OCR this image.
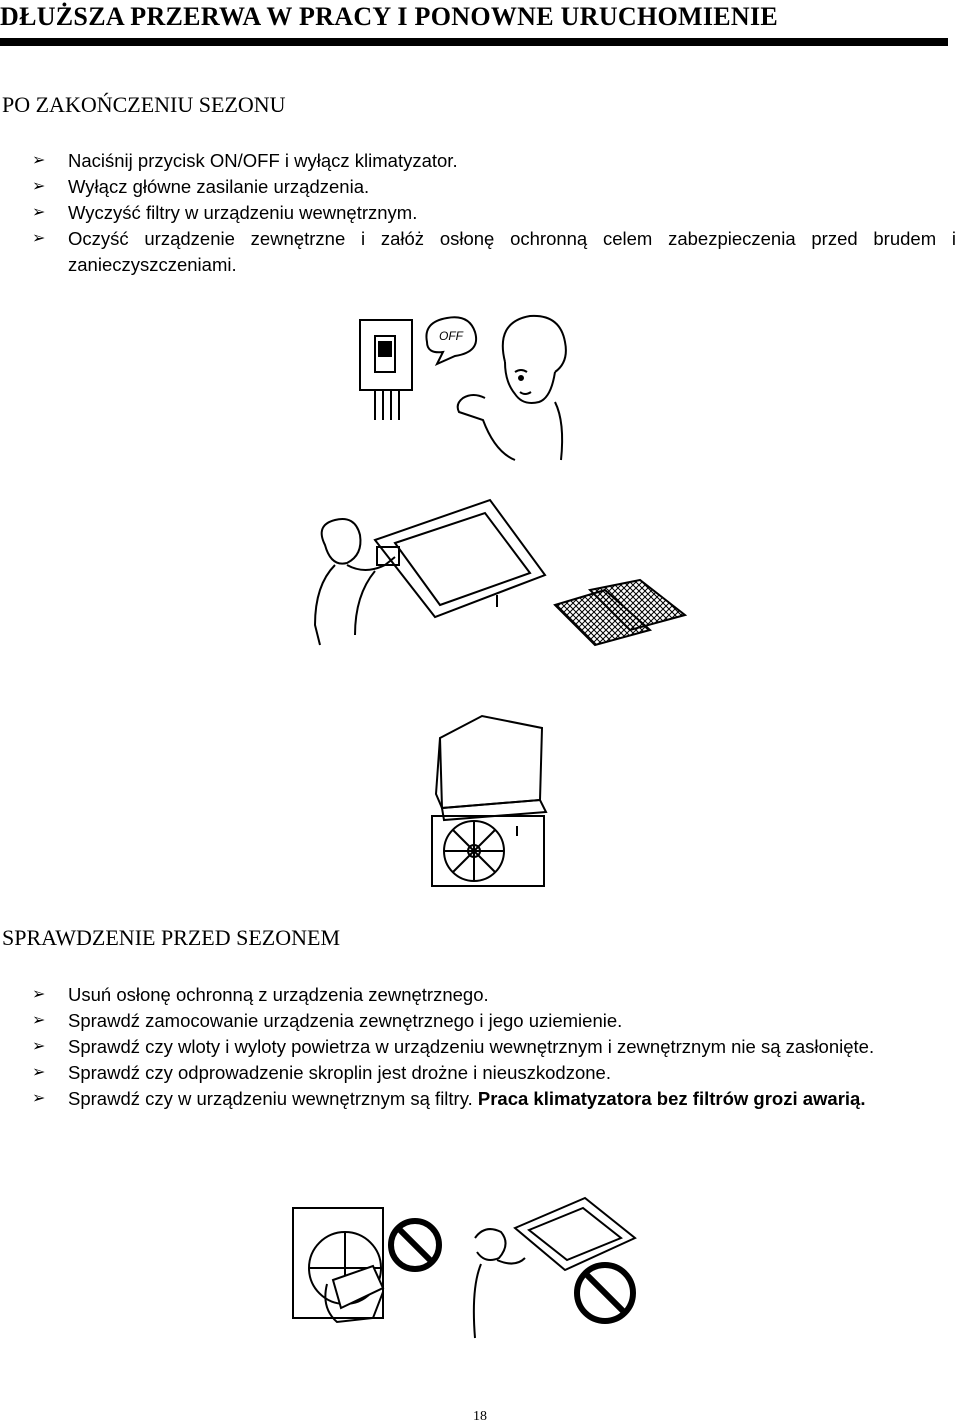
DŁUŻSZA PRZERWA W PRACY I PONOWNE URUCHOMIENIE
PO ZAKOŃCZENIU SEZONU
➢ Naciśnij przycisk ON/OFF i wyłącz klimatyzator.
➢ Wyłącz główne zasilanie urządzenia.
➢ Wyczyść filtry w urządzeniu wewnętrznym.
➢ Oczyść urządzenie zewnętrzne i załóż osłonę ochronną celem zabezpieczenia przed brudem i zanieczyszczeniami.
OFF
SPRAWDZENIE PRZED SEZONEM
➢ Usuń osłonę ochronną z urządzenia zewnętrznego.
➢ Sprawdź zamocowanie urządzenia zewnętrznego i jego uziemienie.
➢ Sprawdź czy wloty i wyloty powietrza w urządzeniu wewnętrznym i zewnętrznym nie są zasłonięte.
➢ Sprawdź czy odprowadzenie skroplin jest drożne i nieuszkodzone.
➢ Sprawdź czy w urządzeniu wewnętrznym są filtry. Praca klimatyzatora bez filtrów grozi awarią.
18
